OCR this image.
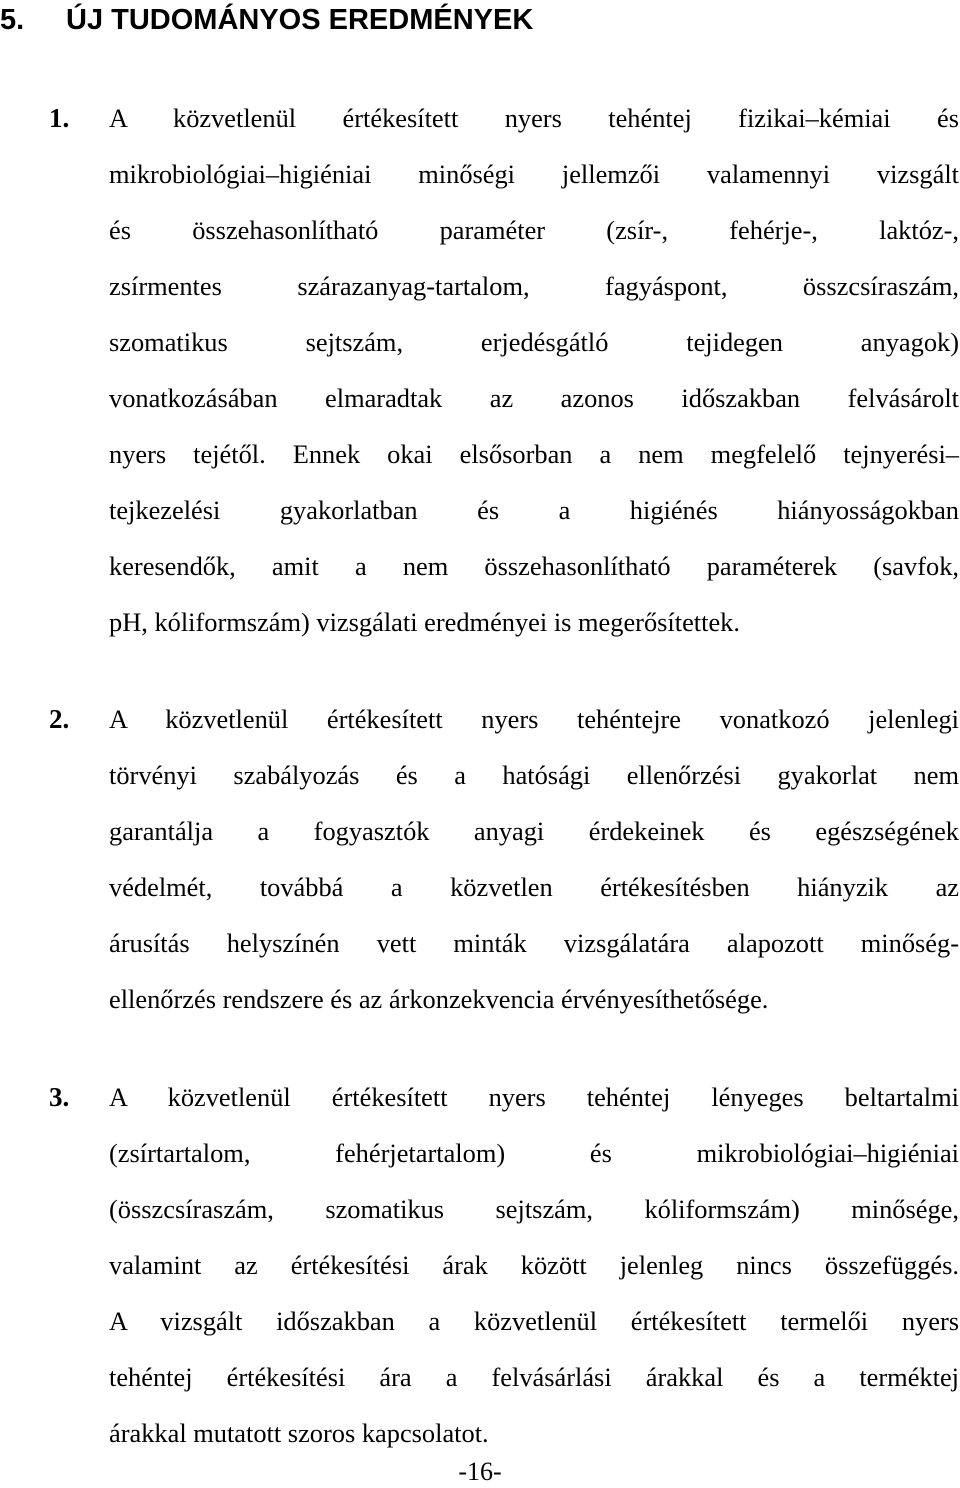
5. ÚJ TUDOMÁNYOS EREDMÉNYEK
1. A közvetlenül értékesített nyers tehéntej fizikai–kémiai és
mikrobiológiai–higiéniai minőségi jellemzői valamennyi vizsgált
és összehasonlítható paraméter (zsír-, fehérje-, laktóz-,
zsírmentes szárazanyag-tartalom, fagyáspont, összcsíraszám,
szomatikus sejtszám, erjedésgátló tejidegen anyagok)
vonatkozásában elmaradtak az azonos időszakban felvásárolt
nyers tejétől. Ennek okai elsősorban a nem megfelelő tejnyerési–
tejkezelési gyakorlatban és a higiénés hiányosságokban
keresendők, amit a nem összehasonlítható paraméterek (savfok,
pH, kóliformszám) vizsgálati eredményei is megerősítettek.
2. A közvetlenül értékesített nyers tehéntejre vonatkozó jelenlegi
törvényi szabályozás és a hatósági ellenőrzési gyakorlat nem
garantálja a fogyasztók anyagi érdekeinek és egészségének
védelmét, továbbá a közvetlen értékesítésben hiányzik az
árusítás helyszínén vett minták vizsgálatára alapozott minőség-
ellenőrzés rendszere és az árkonzekvencia érvényesíthetősége.
3. A közvetlenül értékesített nyers tehéntej lényeges beltartalmi
(zsírtartalom, fehérjetartalom) és mikrobiológiai–higiéniai
(összcsíraszám, szomatikus sejtszám, kóliformszám) minősége,
valamint az értékesítési árak között jelenleg nincs összefüggés.
A vizsgált időszakban a közvetlenül értékesített termelői nyers
tehéntej értékesítési ára a felvásárlási árakkal és a terméktej
árakkal mutatott szoros kapcsolatot.
-16-
